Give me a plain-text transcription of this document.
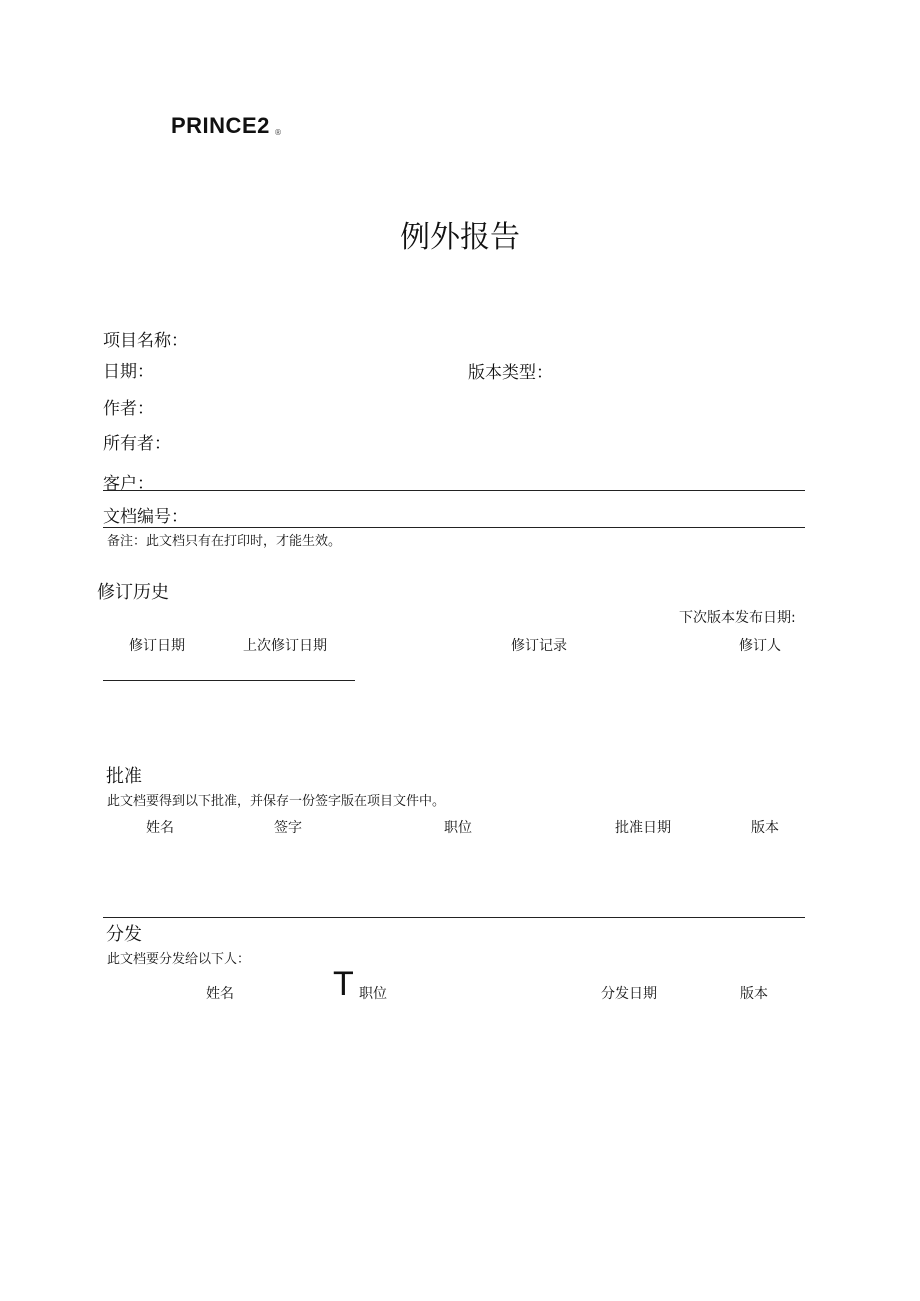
PRINCE2 ®
例外报告
项目名称：
日期：	版本类型：
作者：
所有者：
客户：
文档编号：
备注：此文档只有在打印时，才能生效。
修订历史
下次版本发布日期:
修订日期	上次修订日期	修订记录	修订人
批准
此文档要得到以下批准，并保存一份签字版在项目文件中。
姓名	签字	职位	批准日期	版本
分发
此文档要分发给以下人：
姓名	T 职位	分发日期	版本
